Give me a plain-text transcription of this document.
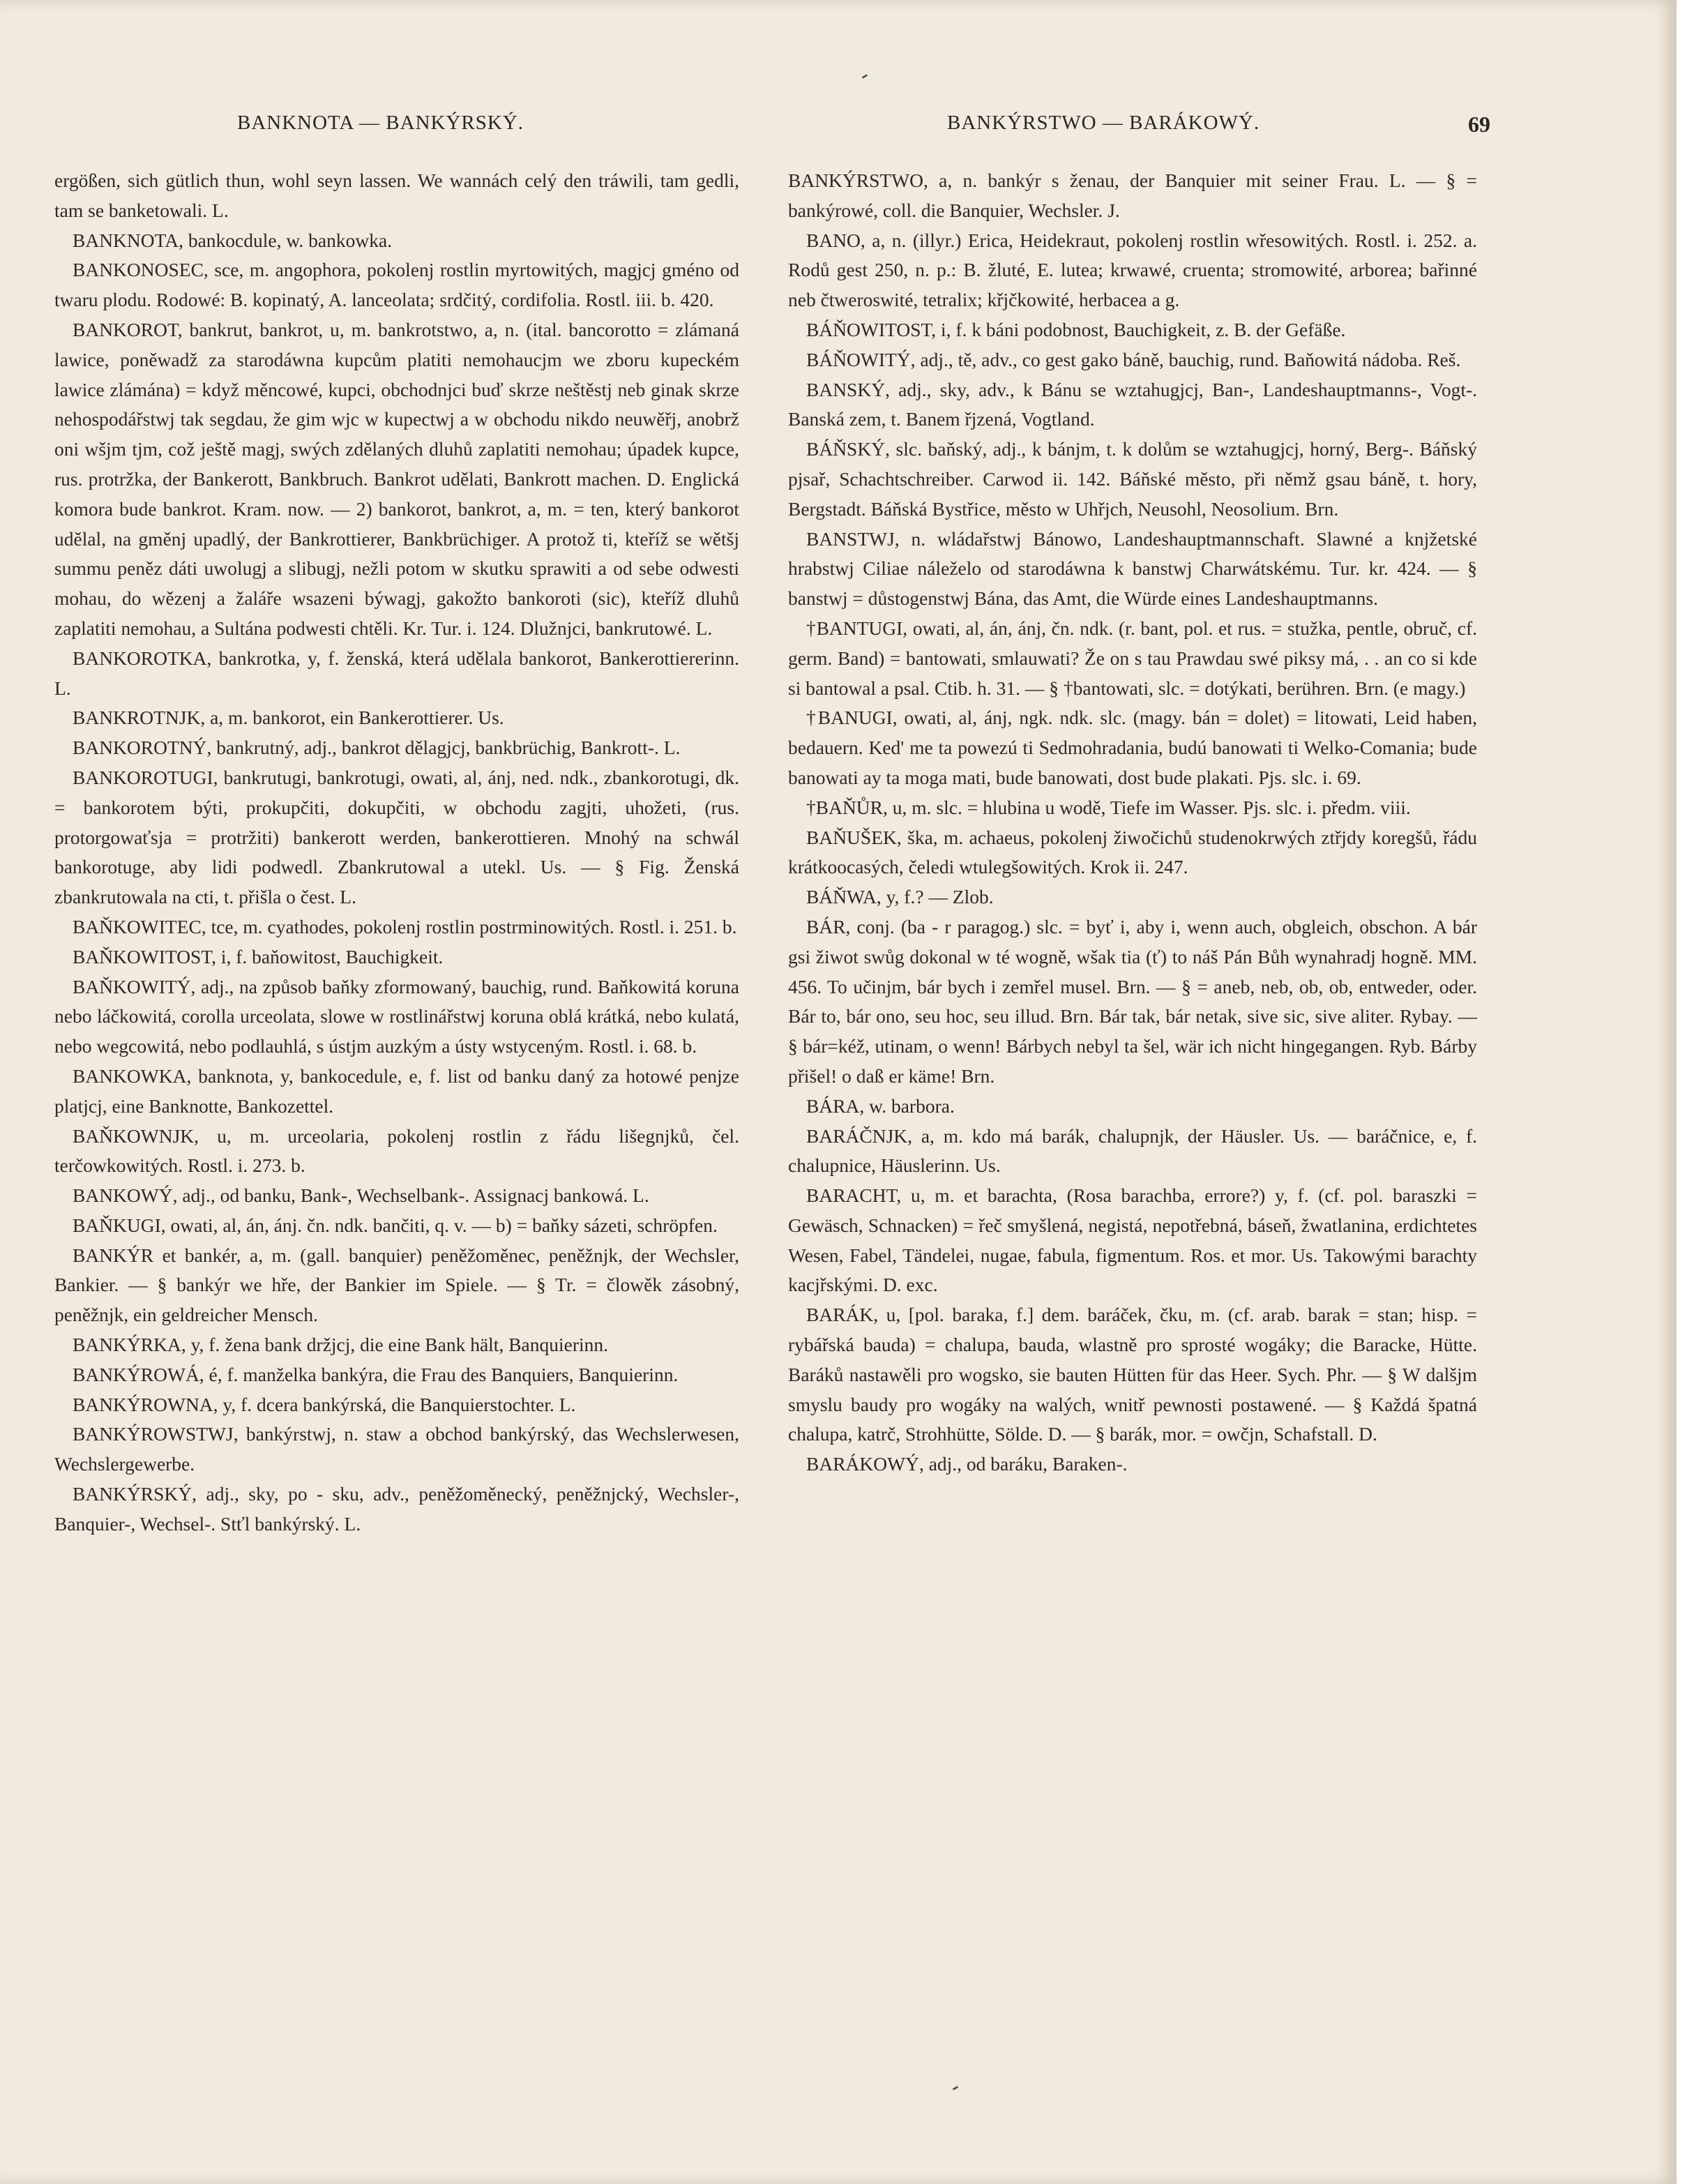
BANKNOTA — BANKÝRSKÝ.	BANKÝRSTWO — BARÁKOWÝ.	69

ergößen, sich gütlich thun, wohl seyn lassen. We wannách celý den tráwili, tam gedli, tam se banketowali. L.

BANKNOTA, bankocdule, w. bankowka.

BANKONOSEC, sce, m. angophora, pokolenj rostlin myrtowitých, magjcj gméno od twaru plodu. Rodowé: B. kopinatý, A. lanceolata; srdčitý, cordifolia. Rostl. iii. b. 420.

BANKOROT, bankrut, bankrot, u, m. bankrotstwo, a, n. (ital. bancorotto = zlámaná lawice, poněwadž za starodáwna kupcům platiti nemohaucjm we zboru kupeckém lawice zlámána) = když měncowé, kupci, obchodnjci buď skrze neštěstj neb ginak skrze nehospodářstwj tak segdau, že gim wjc w kupectwj a w obchodu nikdo neuwěřj, anobrž oni wšjm tjm, což ještě magj, swých zdělaných dluhů zaplatiti nemohau; úpadek kupce, rus. protržka, der Bankerott, Bankbruch. Bankrot udělati, Bankrott machen. D. Englická komora bude bankrot. Kram. now. — 2) bankorot, bankrot, a, m. = ten, který bankorot udělal, na gměnj upadlý, der Bankrottierer, Bankbrüchiger. A protož ti, kteříž se wětšj summu peněz dáti uwolugj a slibugj, nežli potom w skutku sprawiti a od sebe odwesti mohau, do wězenj a žaláře wsazeni býwagj, gakožto bankoroti (sic), kteříž dluhů zaplatiti nemohau, a Sultána podwesti chtěli. Kr. Tur. i. 124. Dlužnjci, bankrutowé. L.

BANKOROTKA, bankrotka, y, f. ženská, která udělala bankorot, Bankerottiererinn. L.

BANKROTNJK, a, m. bankorot, ein Bankerottierer. Us.

BANKOROTNÝ, bankrutný, adj., bankrot dělagjcj, bankbrüchig, Bankrott-. L.

BANKOROTUGI, bankrutugi, bankrotugi, owati, al, ánj, ned. ndk., zbankorotugi, dk. = bankorotem býti, prokupčiti, dokupčiti, w obchodu zagjti, uhožeti, (rus. protorgowaťsja = protržiti) bankerott werden, bankerottieren. Mnohý na schwál bankorotuge, aby lidi podwedl. Zbankrutowal a utekl. Us. — § Fig. Ženská zbankrutowala na cti, t. přišla o čest. L.

BAŇKOWITEC, tce, m. cyathodes, pokolenj rostlin postrminowitých. Rostl. i. 251. b.

BAŇKOWITOST, i, f. baňowitost, Bauchigkeit.

BAŇKOWITÝ, adj., na způsob baňky zformowaný, bauchig, rund. Baňkowitá koruna nebo láčkowitá, corolla urceolata, slowe w rostlinářstwj koruna oblá krátká, nebo kulatá, nebo wegcowitá, nebo podlauhlá, s ústjm auzkým a ústy wstyceným. Rostl. i. 68. b.

BANKOWKA, banknota, y, bankocedule, e, f. list od banku daný za hotowé penjze platjcj, eine Banknotte, Bankozettel.

BAŇKOWNJK, u, m. urceolaria, pokolenj rostlin z řádu lišegnjků, čel. terčowkowitých. Rostl. i. 273. b.

BANKOWÝ, adj., od banku, Bank-, Wechselbank-. Assignacj bankowá. L.

BAŇKUGI, owati, al, án, ánj. čn. ndk. bančiti, q. v. — b) = baňky sázeti, schröpfen.

BANKÝR et bankér, a, m. (gall. banquier) peněžoměnec, peněžnjk, der Wechsler, Bankier. — § bankýr we hře, der Bankier im Spiele. — § Tr. = člowěk zásobný, peněžnjk, ein geldreicher Mensch.

BANKÝRKA, y, f. žena bank držjcj, die eine Bank hält, Banquierinn.

BANKÝROWÁ, é, f. manželka bankýra, die Frau des Banquiers, Banquierinn.

BANKÝROWNA, y, f. dcera bankýrská, die Banquierstochter. L.

BANKÝROWSTWJ, bankýrstwj, n. staw a obchod bankýrský, das Wechslerwesen, Wechslergewerbe.

BANKÝRSKÝ, adj., sky, po - sku, adv., peněžoměnecký, peněžnjcký, Wechsler-, Banquier-, Wechsel-. Stťl bankýrský. L.

BANKÝRSTWO, a, n. bankýr s ženau, der Banquier mit seiner Frau. L. — § = bankýrowé, coll. die Banquier, Wechsler. J.

BANO, a, n. (illyr.) Erica, Heidekraut, pokolenj rostlin wřesowitých. Rostl. i. 252. a. Rodů gest 250, n. p.: B. žluté, E. lutea; krwawé, cruenta; stromowité, arborea; bařinné neb čtweroswité, tetralix; křjčkowité, herbacea a g.

BÁŇOWITOST, i, f. k báni podobnost, Bauchigkeit, z. B. der Gefäße.

BÁŇOWITÝ, adj., tě, adv., co gest gako báně, bauchig, rund. Baňowitá nádoba. Reš.

BANSKÝ, adj., sky, adv., k Bánu se wztahugjcj, Ban-, Landeshauptmanns-, Vogt-. Banská zem, t. Banem řjzená, Vogtland.

BÁŇSKÝ, slc. baňský, adj., k bánjm, t. k dolům se wztahugjcj, horný, Berg-. Báňský pjsař, Schachtschreiber. Carwod ii. 142. Báňské město, při němž gsau báně, t. hory, Bergstadt. Báňská Bystřice, město w Uhřjch, Neusohl, Neosolium. Brn.

BANSTWJ, n. wládařstwj Bánowo, Landeshauptmannschaft. Slawné a knjžetské hrabstwj Ciliae náleželo od starodáwna k banstwj Charwátskému. Tur. kr. 424. — § banstwj = důstogenstwj Bána, das Amt, die Würde eines Landeshauptmanns.

†BANTUGI, owati, al, án, ánj, čn. ndk. (r. bant, pol. et rus. = stužka, pentle, obruč, cf. germ. Band) = bantowati, smlauwati? Že on s tau Prawdau swé piksy má, . . an co si kde si bantowal a psal. Ctib. h. 31. — § †bantowati, slc. = dotýkati, berühren. Brn. (e magy.)

†BANUGI, owati, al, ánj, ngk. ndk. slc. (magy. bán = dolet) = litowati, Leid haben, bedauern. Ked' me ta powezú ti Sedmohradania, budú banowati ti Welko-Comania; bude banowati ay ta moga mati, bude banowati, dost bude plakati. Pjs. slc. i. 69.

†BAŇŮR, u, m. slc. = hlubina u wodě, Tiefe im Wasser. Pjs. slc. i. předm. viii.

BAŇUŠEK, ška, m. achaeus, pokolenj žiwočichů studenokrwých ztřjdy koregšů, řádu krátkoocasých, čeledi wtulegšowitých. Krok ii. 247.

BÁŇWA, y, f.? — Zlob.

BÁR, conj. (ba - r paragog.) slc. = byť i, aby i, wenn auch, obgleich, obschon. A bár gsi žiwot swůg dokonal w té wogně, wšak tia (ť) to náš Pán Bůh wynahradj hogně. MM. 456. To učinjm, bár bych i zemřel musel. Brn. — § = aneb, neb, ob, ob, entweder, oder. Bár to, bár ono, seu hoc, seu illud. Brn. Bár tak, bár netak, sive sic, sive aliter. Rybay. — § bár=kéž, utinam, o wenn! Bárbych nebyl ta šel, wär ich nicht hingegangen. Ryb. Bárby přišel! o daß er käme! Brn.

BÁRA, w. barbora.

BARÁČNJK, a, m. kdo má barák, chalupnjk, der Häusler. Us. — baráčnice, e, f. chalupnice, Häuslerinn. Us.

BARACHT, u, m. et barachta, (Rosa barachba, errore?) y, f. (cf. pol. baraszki = Gewäsch, Schnacken) = řeč smyšlená, negistá, nepotřebná, báseň, žwatlanina, erdichtetes Wesen, Fabel, Tändelei, nugae, fabula, figmentum. Ros. et mor. Us. Takowými barachty kacjřskými. D. exc.

BARÁK, u, [pol. baraka, f.] dem. baráček, čku, m. (cf. arab. barak = stan; hisp. = rybářská bauda) = chalupa, bauda, wlastně pro sprosté wogáky; die Baracke, Hütte. Baráků nastawěli pro wogsko, sie bauten Hütten für das Heer. Sych. Phr. — § W dalšjm smyslu baudy pro wogáky na walých, wnitř pewnosti postawené. — § Každá špatná chalupa, katrč, Strohhütte, Sölde. D. — § barák, mor. = owčjn, Schafstall. D.

BARÁKOWÝ, adj., od baráku, Baraken-.
